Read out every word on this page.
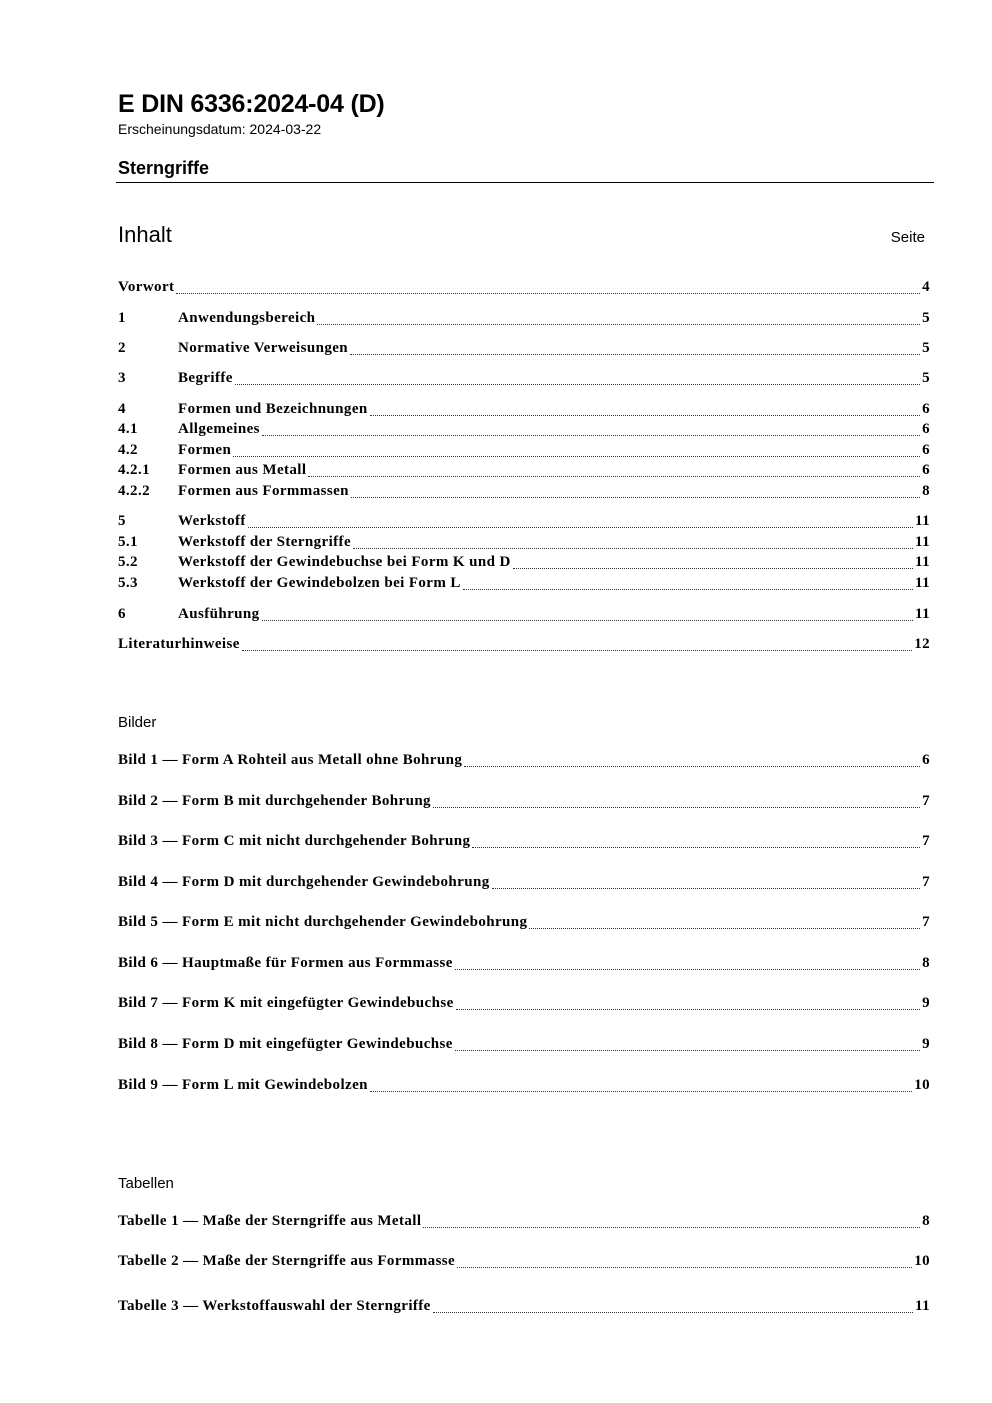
E DIN 6336:2024-04 (D)
Erscheinungsdatum: 2024-03-22
Sterngriffe
Inhalt	Seite
Vorwort	4
1	Anwendungsbereich	5
2	Normative Verweisungen	5
3	Begriffe	5
4	Formen und Bezeichnungen	6
4.1	Allgemeines	6
4.2	Formen	6
4.2.1	Formen aus Metall	6
4.2.2	Formen aus Formmassen	8
5	Werkstoff	11
5.1	Werkstoff der Sterngriffe	11
5.2	Werkstoff der Gewindebuchse bei Form K und D	11
5.3	Werkstoff der Gewindebolzen bei Form L	11
6	Ausführung	11
Literaturhinweise	12
Bilder
Bild 1 — Form A Rohteil aus Metall ohne Bohrung	6
Bild 2 — Form B mit durchgehender Bohrung	7
Bild 3 — Form C mit nicht durchgehender Bohrung	7
Bild 4 — Form D mit durchgehender Gewindebohrung	7
Bild 5 — Form E mit nicht durchgehender Gewindebohrung	7
Bild 6 — Hauptmaße für Formen aus Formmasse	8
Bild 7 — Form K mit eingefügter Gewindebuchse	9
Bild 8 — Form D mit eingefügter Gewindebuchse	9
Bild 9 — Form L mit Gewindebolzen	10
Tabellen
Tabelle 1 — Maße der Sterngriffe aus Metall	8
Tabelle 2 — Maße der Sterngriffe aus Formmasse	10
Tabelle 3 — Werkstoffauswahl der Sterngriffe	11
